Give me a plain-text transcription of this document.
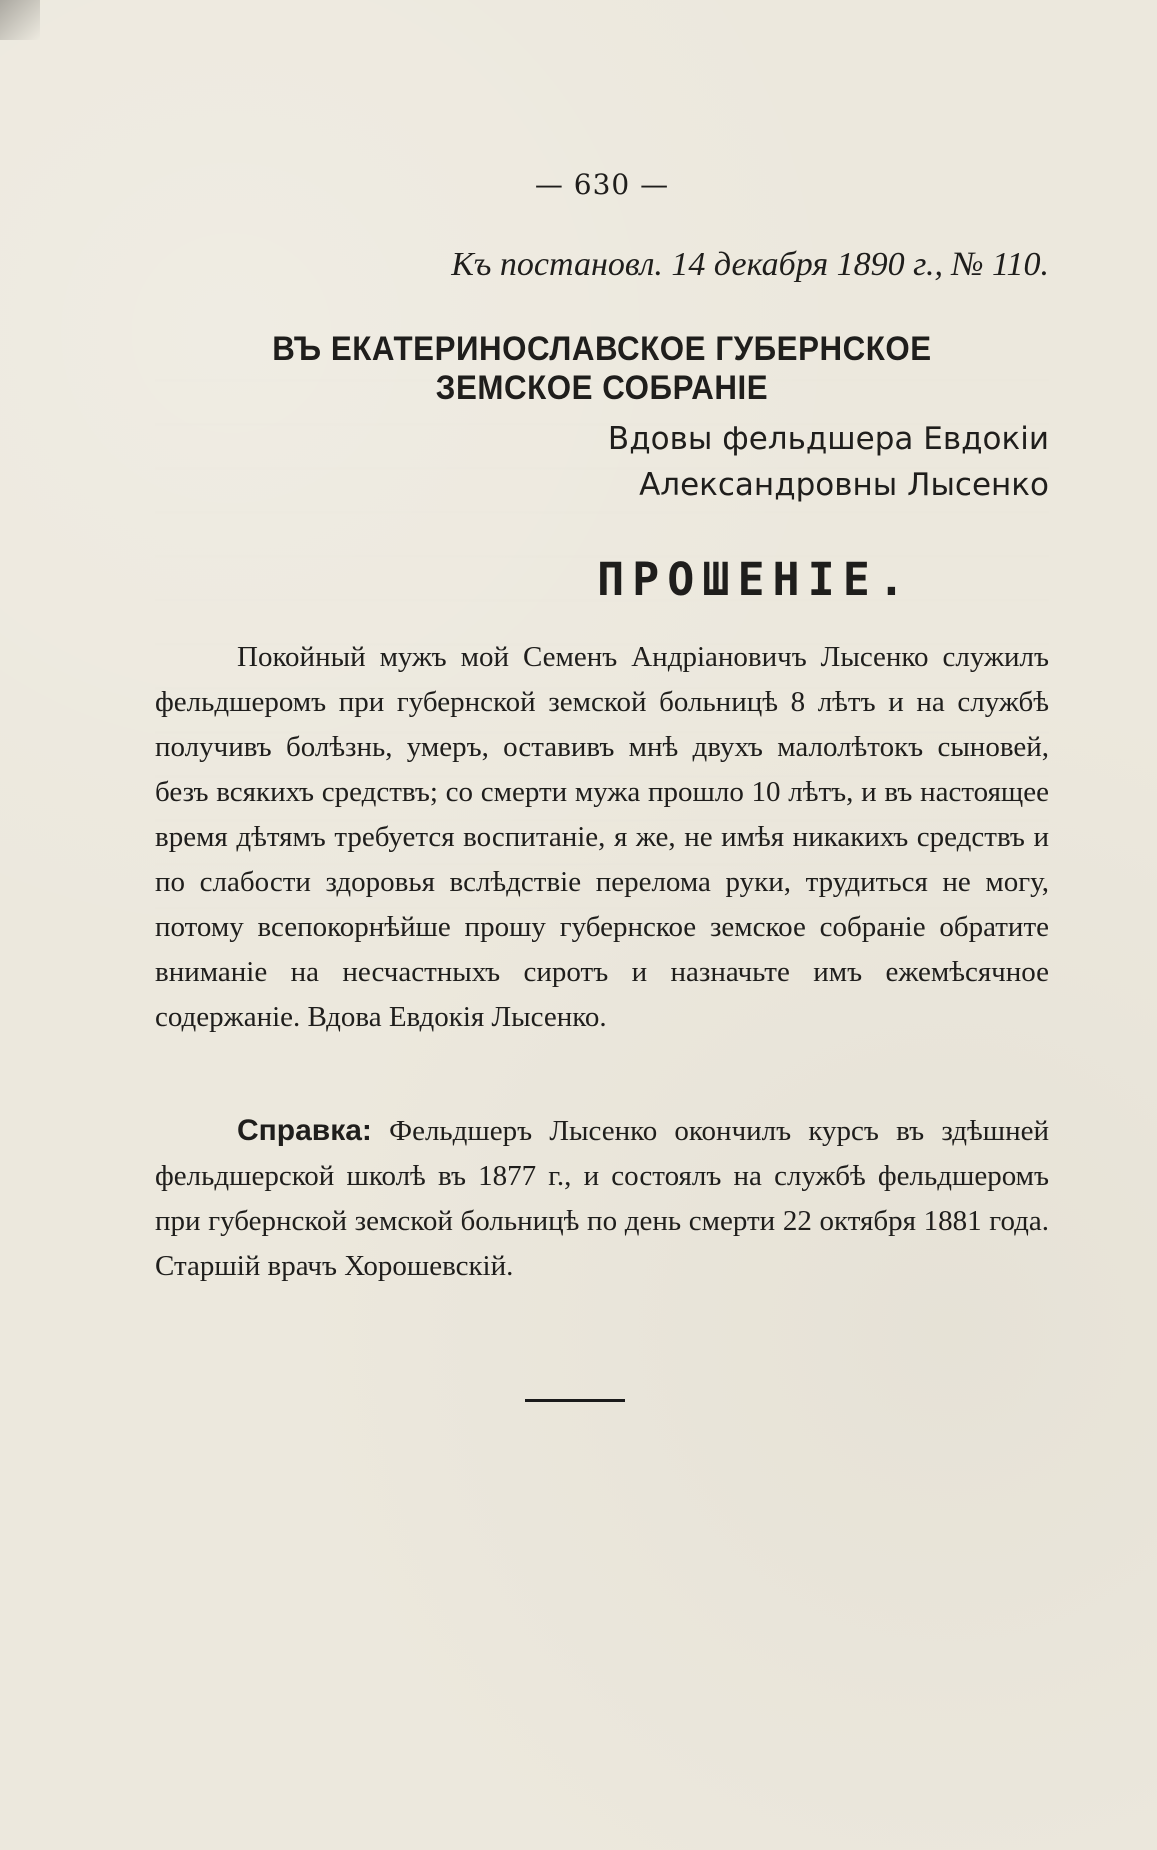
— 630 —
Къ постановл. 14 декабря 1890 г., № 110.
ВЪ ЕКАТЕРИНОСЛАВСКОЕ ГУБЕРНСКОЕ ЗЕМСКОЕ СОБРАНІЕ
Вдовы фельдшера Евдокіи
Александровны Лысенко
ПРОШЕНІЕ.
Покойный мужъ мой Семенъ Андріановичъ Лысенко служилъ фельдшеромъ при губернской земской больницѣ 8 лѣтъ и на службѣ получивъ болѣзнь, умеръ, оставивъ мнѣ двухъ малолѣтокъ сыновей, безъ всякихъ средствъ; со смерти мужа прошло 10 лѣтъ, и въ настоящее время дѣтямъ требуется воспитаніе, я же, не имѣя никакихъ средствъ и по слабости здоровья вслѣдствіе перелома руки, трудиться не могу, потому всепокорнѣйше прошу губернское земское собраніе обратите вниманіе на несчастныхъ сиротъ и назначьте имъ ежемѣсячное содержаніе. Вдова Евдокія Лысенко.
Справка: Фельдшеръ Лысенко окончилъ курсъ въ здѣшней фельдшерской школѣ въ 1877 г., и состоялъ на службѣ фельдшеромъ при губернской земской больницѣ по день смерти 22 октября 1881 года. Старшій врачъ Хорошевскій.
